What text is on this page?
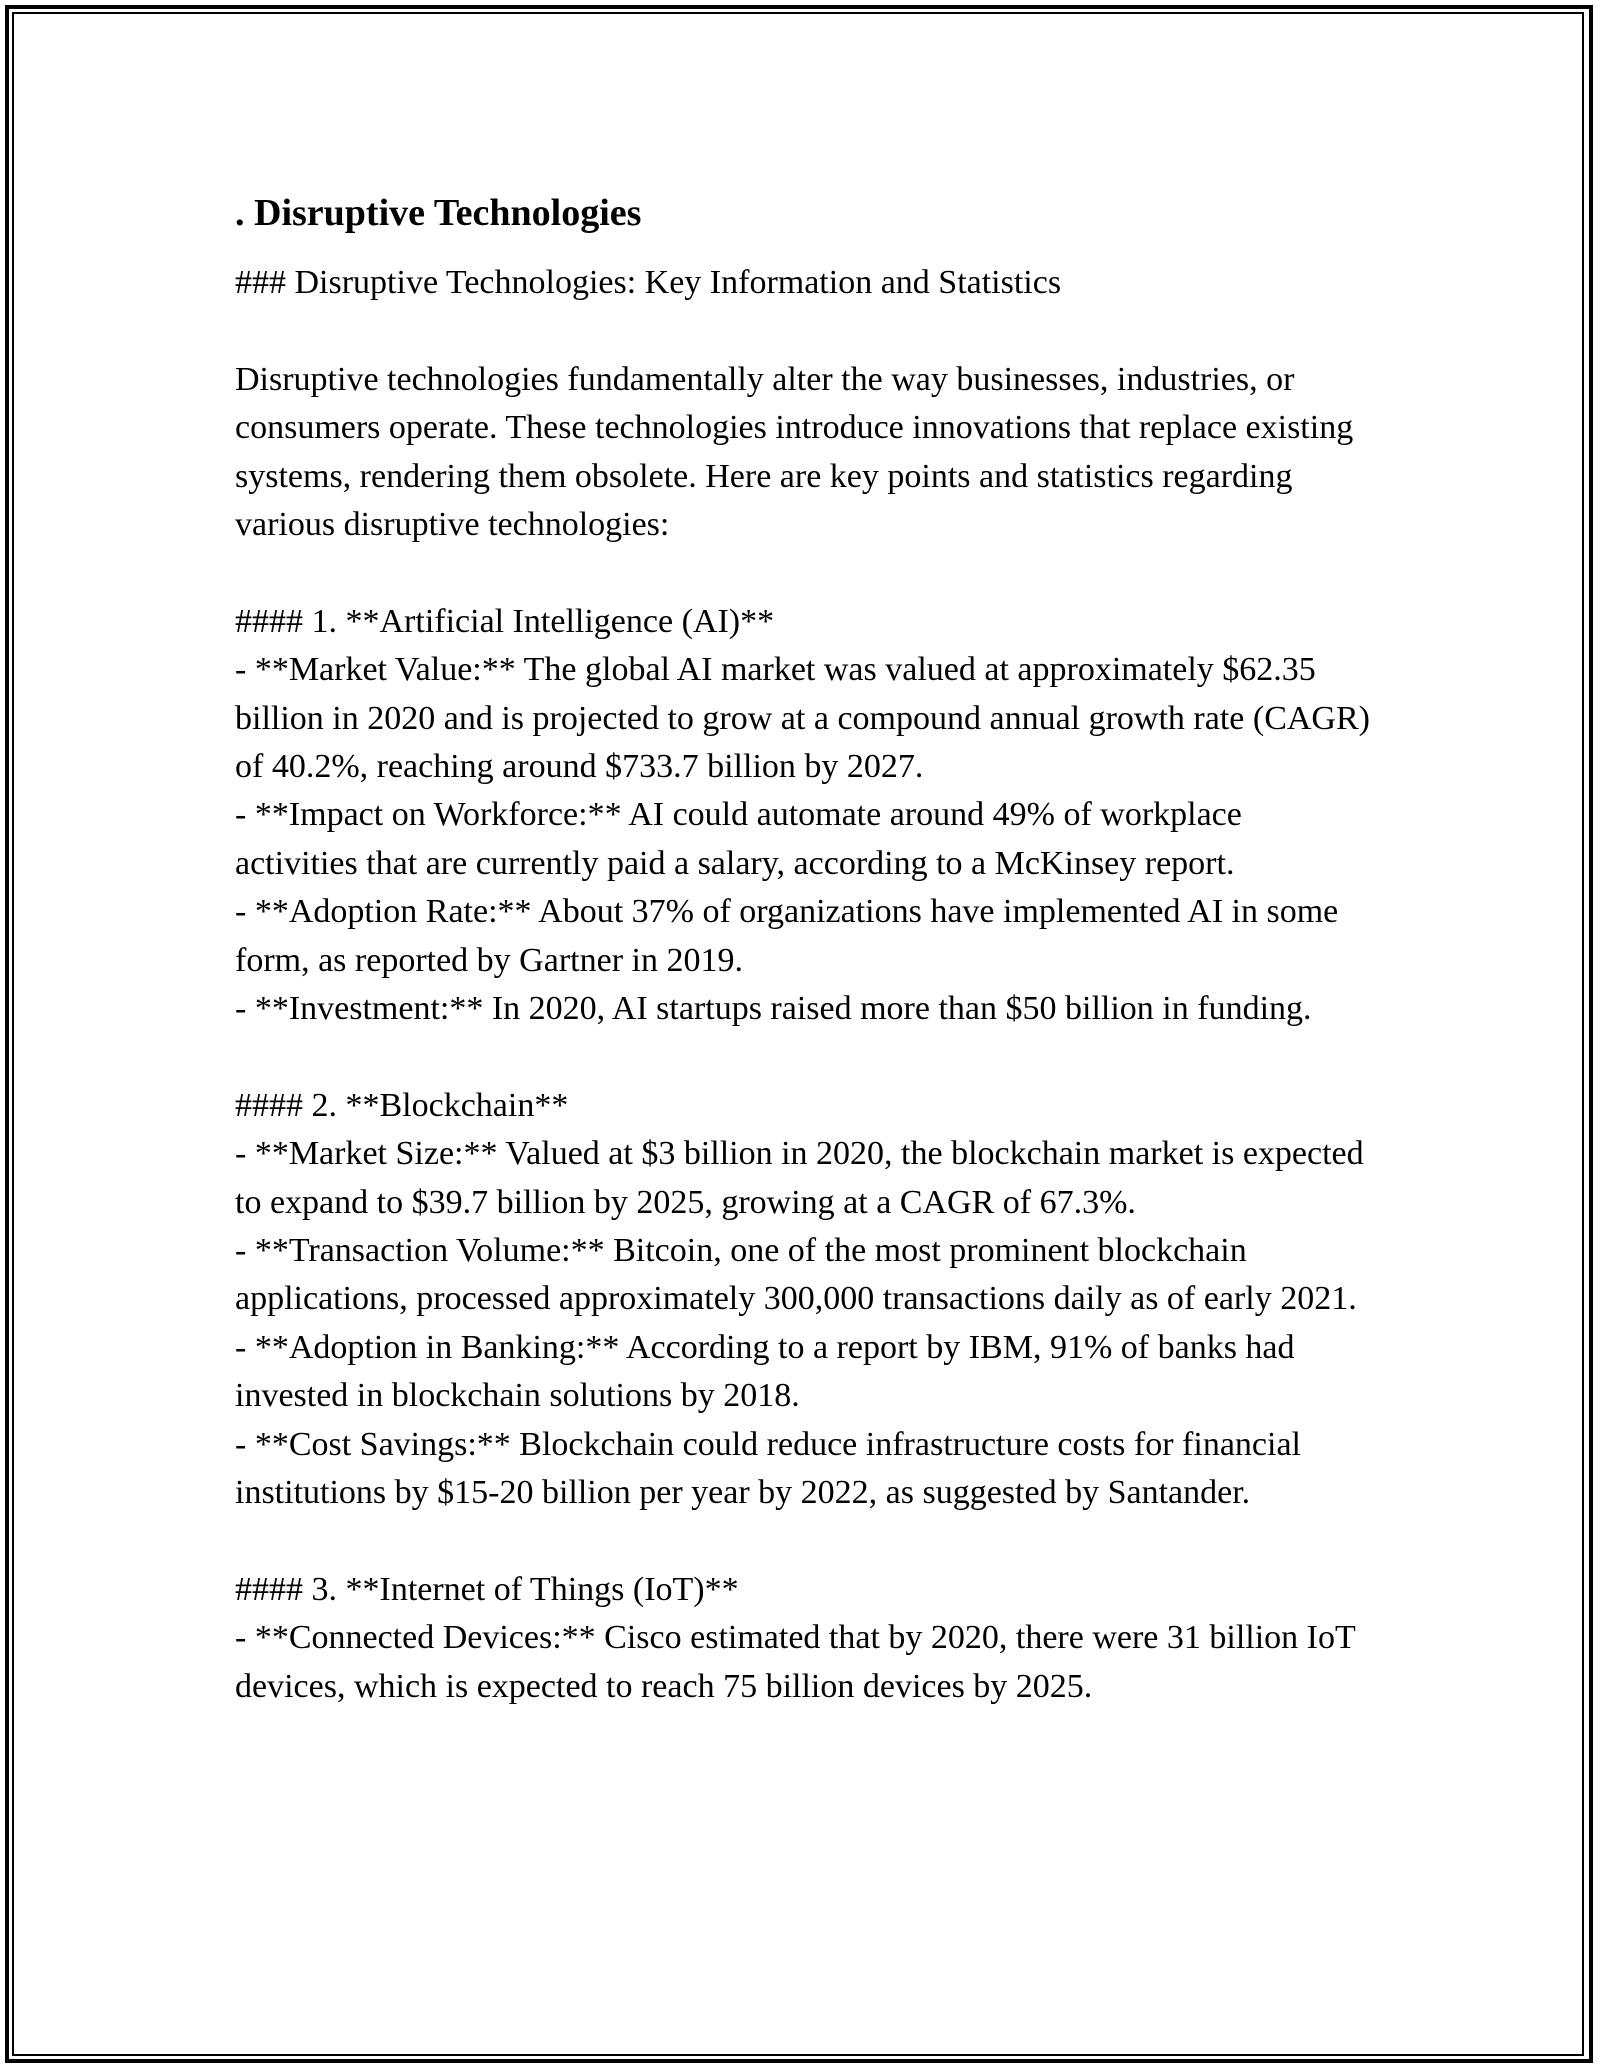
. Disruptive Technologies

### Disruptive Technologies: Key Information and Statistics

Disruptive technologies fundamentally alter the way businesses, industries, or consumers operate. These technologies introduce innovations that replace existing systems, rendering them obsolete. Here are key points and statistics regarding various disruptive technologies:

#### 1. **Artificial Intelligence (AI)**

- **Market Value:** The global AI market was valued at approximately $62.35 billion in 2020 and is projected to grow at a compound annual growth rate (CAGR) of 40.2%, reaching around $733.7 billion by 2027.

- **Impact on Workforce:** AI could automate around 49% of workplace activities that are currently paid a salary, according to a McKinsey report.

- **Adoption Rate:** About 37% of organizations have implemented AI in some form, as reported by Gartner in 2019.

- **Investment:** In 2020, AI startups raised more than $50 billion in funding.

#### 2. **Blockchain**

- **Market Size:** Valued at $3 billion in 2020, the blockchain market is expected to expand to $39.7 billion by 2025, growing at a CAGR of 67.3%.

- **Transaction Volume:** Bitcoin, one of the most prominent blockchain applications, processed approximately 300,000 transactions daily as of early 2021.

- **Adoption in Banking:** According to a report by IBM, 91% of banks had invested in blockchain solutions by 2018.

- **Cost Savings:** Blockchain could reduce infrastructure costs for financial institutions by $15-20 billion per year by 2022, as suggested by Santander.

#### 3. **Internet of Things (IoT)**

- **Connected Devices:** Cisco estimated that by 2020, there were 31 billion IoT devices, which is expected to reach 75 billion devices by 2025.
